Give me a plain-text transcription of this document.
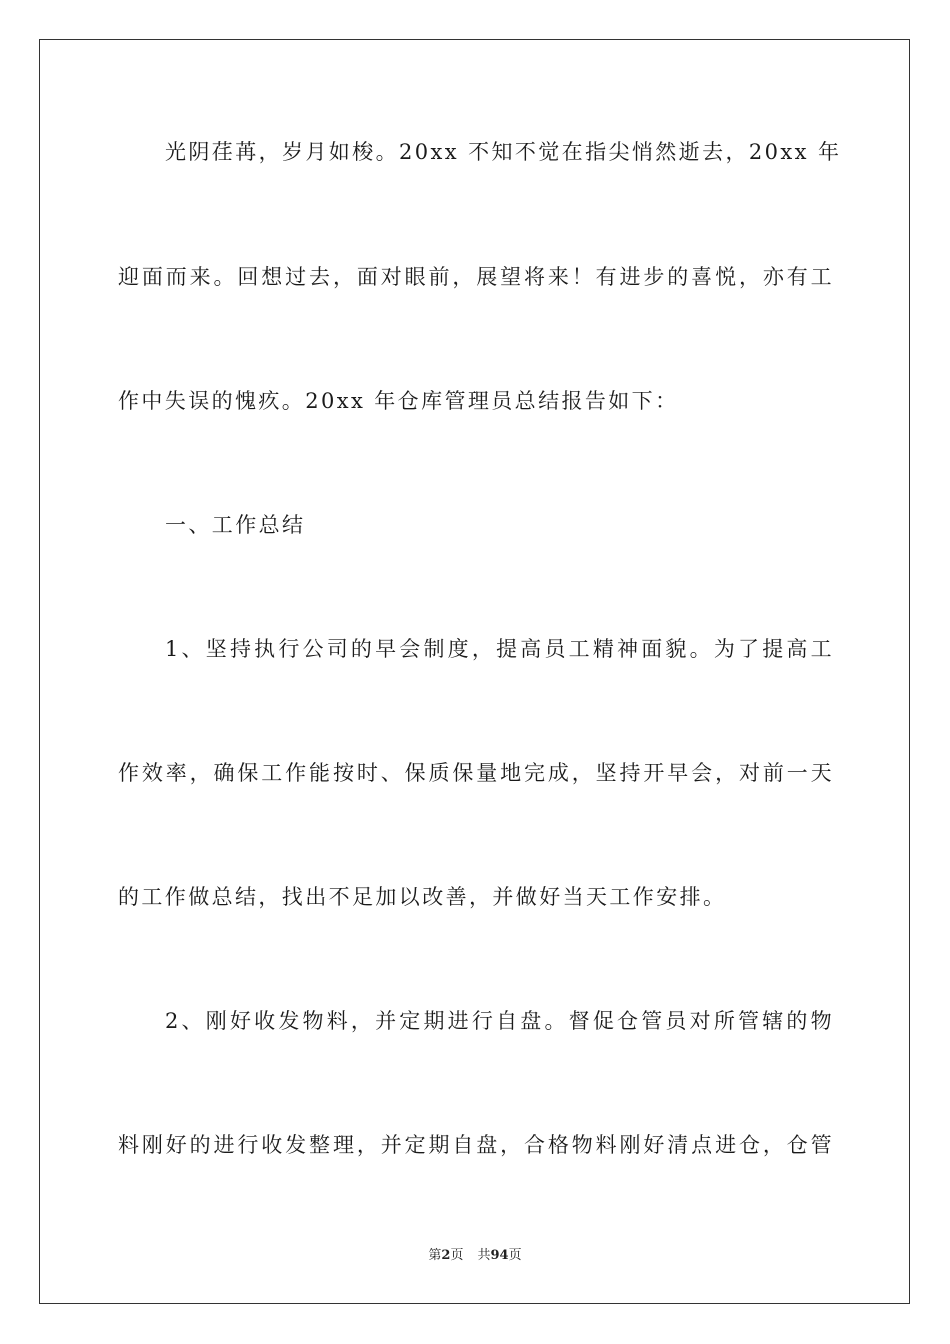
光阴荏苒，岁月如梭。20xx 不知不觉在指尖悄然逝去，20xx 年
迎面而来。回想过去，面对眼前，展望将来！有进步的喜悦，亦有工
作中失误的愧疚。20xx 年仓库管理员总结报告如下：
一、工作总结
1、坚持执行公司的早会制度，提高员工精神面貌。为了提高工
作效率，确保工作能按时、保质保量地完成，坚持开早会，对前一天
的工作做总结，找出不足加以改善，并做好当天工作安排。
2、刚好收发物料，并定期进行自盘。督促仓管员对所管辖的物
料刚好的进行收发整理，并定期自盘，合格物料刚好清点进仓，仓管
第2页 共94页
